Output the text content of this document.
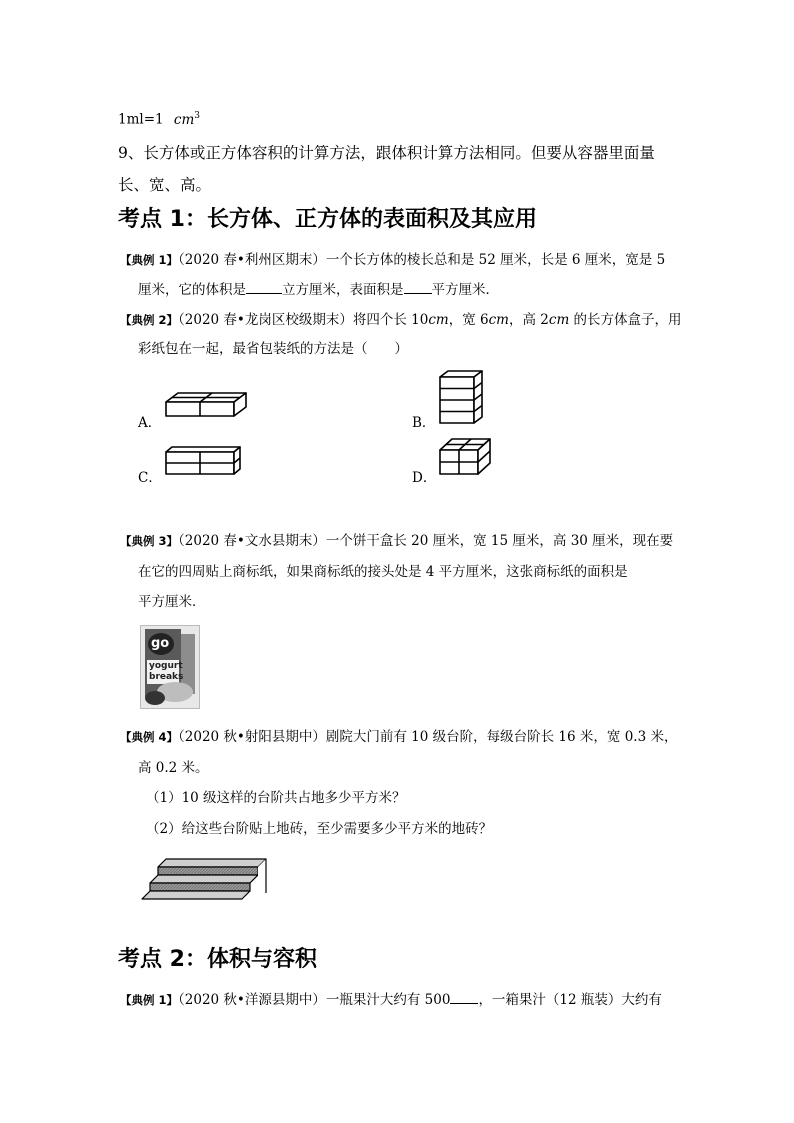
1ml=1 $cm^3$
9、长方体或正方体容积的计算方法，跟体积计算方法相同。但要从容器里面量
长、宽、高。
考点 1：长方体、正方体的表面积及其应用
【典例 1】（2020 春•利州区期末）一个长方体的棱长总和是 52 厘米，长是 6 厘米，宽是 5
厘米，它的体积是	立方厘米，表面积是 平方厘米．
【典例 2】（2020 春•龙岗区校级期末）将四个长 10cm，宽 6cm，高 2cm 的长方体盒子，用
彩纸包在一起，最省包装纸的方法是（　　）
A．	B．
C．	D．
【典例 3】（2020 春•文水县期末）一个饼干盒长 20 厘米，宽 15 厘米，高 30 厘米，现在要
在它的四周贴上商标纸，如果商标纸的接头处是 4 平方厘米，这张商标纸的面积是
平方厘米．
go
yogurt
breaks
【典例 4】（2020 秋•射阳县期中）剧院大门前有 10 级台阶，每级台阶长 16 米，宽 0.3 米，
高 0.2 米。
（1）10 级这样的台阶共占地多少平方米？
（2）给这些台阶贴上地砖，至少需要多少平方米的地砖？
考点 2：体积与容积
【典例 1】（2020 秋•洋源县期中）一瓶果汁大约有 500 ，一箱果汁（12 瓶装）大约有
